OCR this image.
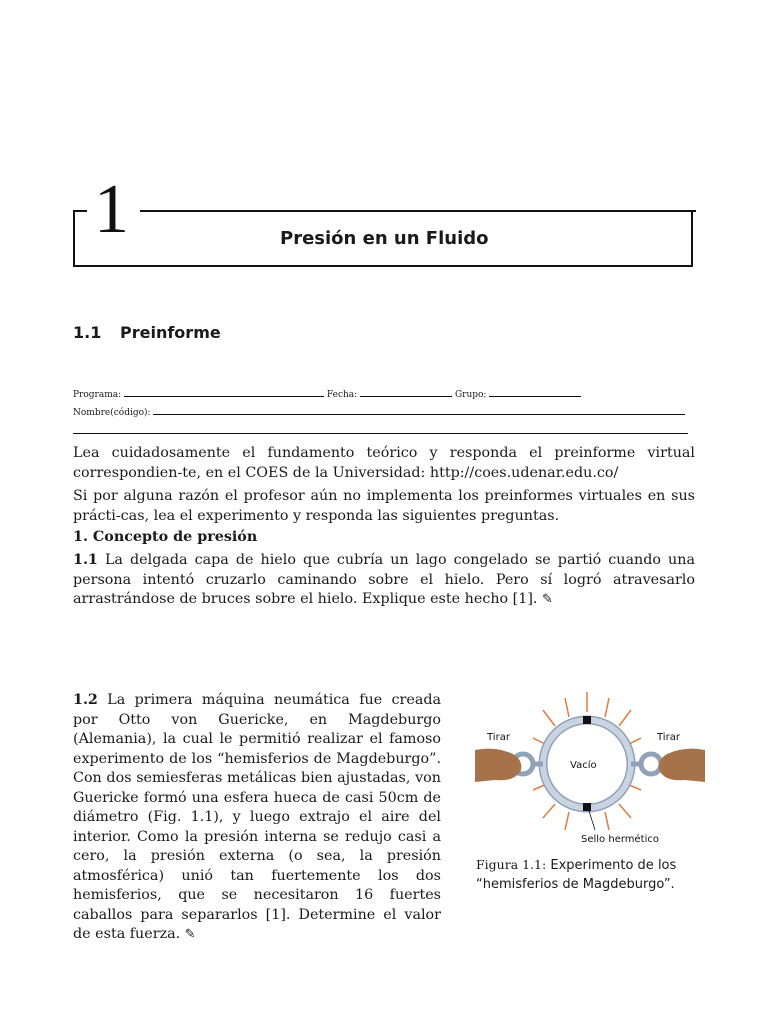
1	Presión en un Fluido
1.1 Preinforme
Programa:	Fecha:	Grupo:
Nombre(código):
Lea cuidadosamente el fundamento teórico y responda el preinforme virtual correspondien-te, en el COES de la Universidad: http://coes.udenar.edu.co/
Si por alguna razón el profesor aún no implementa los preinformes virtuales en sus prácti-cas, lea el experimento y responda las siguientes preguntas.
1. Concepto de presión
1.1 La delgada capa de hielo que cubría un lago congelado se partió cuando una persona intentó cruzarlo caminando sobre el hielo. Pero sí logró atravesarlo arrastrándose de bruces sobre el hielo. Explique este hecho [1]. ✎
1.2 La primera máquina neumática fue creada por Otto von Guericke, en Magdeburgo (Alemania), la cual le permitió realizar el famoso experimento de los “hemisferios de Magdeburgo”. Con dos semiesferas metálicas bien ajustadas, von Guericke formó una esfera hueca de casi 50cm de diámetro (Fig. 1.1), y luego extrajo el aire del interior. Como la presión interna se redujo casi a cero, la presión externa (o sea, la presión atmosférica) unió tan fuertemente los dos hemisferios, que se necesitaron 16 fuertes caballos para separarlos [1]. Determine el valor de esta fuerza. ✎
Tirar	Tirar
Vacío
Sello hermético
Figura 1.1: Experimento de los “hemisferios de Magdeburgo”.
